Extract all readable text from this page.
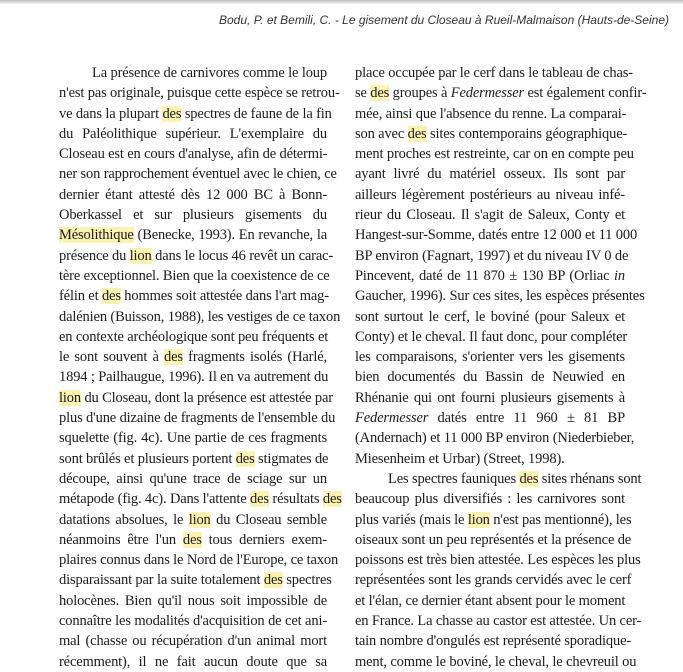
Bodu, P. et Bemili, C. - Le gisement du Closeau à Rueil-Malmaison (Hauts-de-Seine)
La présence de carnivores comme le loup
n'est pas originale, puisque cette espèce se retrou-
ve dans la plupart des spectres de faune de la fin
du Paléolithique supérieur. L'exemplaire du
Closeau est en cours d'analyse, afin de détermi-
ner son rapprochement éventuel avec le chien, ce
dernier étant attesté dès 12 000 BC à Bonn-
Oberkassel et sur plusieurs gisements du
Mésolithique (Benecke, 1993). En revanche, la
présence du lion dans le locus 46 revêt un carac-
tère exceptionnel. Bien que la coexistence de ce
félin et des hommes soit attestée dans l'art mag-
dalénien (Buisson, 1988), les vestiges de ce taxon
en contexte archéologique sont peu fréquents et
le sont souvent à des fragments isolés (Harlé,
1894 ; Pailhaugue, 1996). Il en va autrement du
lion du Closeau, dont la présence est attestée par
plus d'une dizaine de fragments de l'ensemble du
squelette (fig. 4c). Une partie de ces fragments
sont brûlés et plusieurs portent des stigmates de
découpe, ainsi qu'une trace de sciage sur un
métapode (fig. 4c). Dans l'attente des résultats des
datations absolues, le lion du Closeau semble
néanmoins être l'un des tous derniers exem-
plaires connus dans le Nord de l'Europe, ce taxon
disparaissant par la suite totalement des spectres
holocènes. Bien qu'il nous soit impossible de
connaître les modalités d'acquisition de cet ani-
mal (chasse ou récupération d'un animal mort
récemment), il ne fait aucun doute que sa
place occupée par le cerf dans le tableau de chas-
se des groupes à Federmesser est également confir-
mée, ainsi que l'absence du renne. La comparai-
son avec des sites contemporains géographique-
ment proches est restreinte, car on en compte peu
ayant livré du matériel osseux. Ils sont par
ailleurs légèrement postérieurs au niveau infé-
rieur du Closeau. Il s'agit de Saleux, Conty et
Hangest-sur-Somme, datés entre 12 000 et 11 000
BP environ (Fagnart, 1997) et du niveau IV 0 de
Pincevent, daté de 11 870 ± 130 BP (Orliac in
Gaucher, 1996). Sur ces sites, les espèces présentes
sont surtout le cerf, le boviné (pour Saleux et
Conty) et le cheval. Il faut donc, pour compléter
les comparaisons, s'orienter vers les gisements
bien documentés du Bassin de Neuwied en
Rhénanie qui ont fourni plusieurs gisements à
Federmesser datés entre 11 960 ± 81 BP
(Andernach) et 11 000 BP environ (Niederbieber,
Miesenheim et Urbar) (Street, 1998).
Les spectres fauniques des sites rhénans sont
beaucoup plus diversifiés : les carnivores sont
plus variés (mais le lion n'est pas mentionné), les
oiseaux sont un peu représentés et la présence de
poissons est très bien attestée. Les espèces les plus
représentées sont les grands cervidés avec le cerf
et l'élan, ce dernier étant absent pour le moment
en France. La chasse au castor est attestée. Un cer-
tain nombre d'ongulés est représenté sporadique-
ment, comme le boviné, le cheval, le chevreuil ou
